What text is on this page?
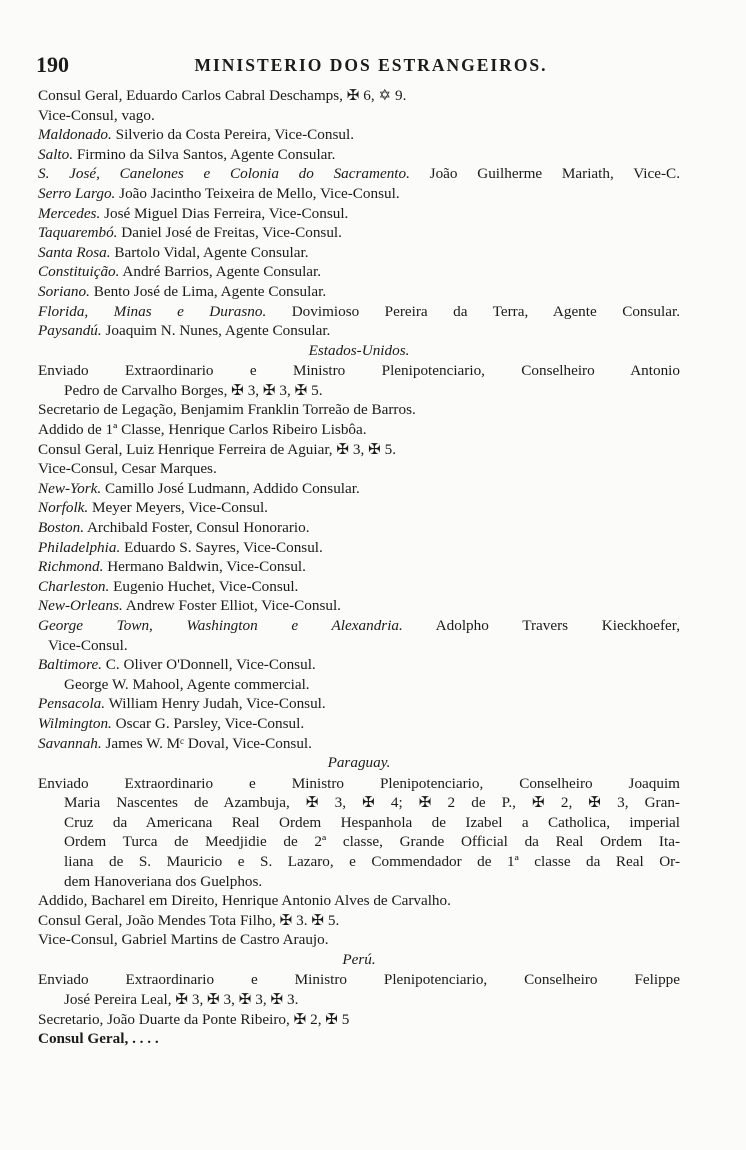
190	MINISTERIO DOS ESTRANGEIROS.
Consul Geral, Eduardo Carlos Cabral Deschamps, ✠ 6, ✡ 9.
Vice-Consul, vago.
Maldonado. Silverio da Costa Pereira, Vice-Consul.
Salto. Firmino da Silva Santos, Agente Consular.
S. José, Canelones e Colonia do Sacramento. João Guilherme Mariath, Vice-C.
Serro Largo. João Jacintho Teixeira de Mello, Vice-Consul.
Mercedes. José Miguel Dias Ferreira, Vice-Consul.
Taquarembó. Daniel José de Freitas, Vice-Consul.
Santa Rosa. Bartolo Vidal, Agente Consular.
Constituição. André Barrios, Agente Consular.
Soriano. Bento José de Lima, Agente Consular.
Florida, Minas e Durasno. Dovimioso Pereira da Terra, Agente Consular.
Paysandú. Joaquim N. Nunes, Agente Consular.
Estados-Unidos.
Enviado Extraordinario e Ministro Plenipotenciario, Conselheiro Antonio
Pedro de Carvalho Borges, ✠ 3, ✠ 3, ✠ 5.
Secretario de Legação, Benjamim Franklin Torreão de Barros.
Addido de 1ª Classe, Henrique Carlos Ribeiro Lisbôa.
Consul Geral, Luiz Henrique Ferreira de Aguiar, ✠ 3, ✠ 5.
Vice-Consul, Cesar Marques.
New-York. Camillo José Ludmann, Addido Consular.
Norfolk. Meyer Meyers, Vice-Consul.
Boston. Archibald Foster, Consul Honorario.
Philadelphia. Eduardo S. Sayres, Vice-Consul.
Richmond. Hermano Baldwin, Vice-Consul.
Charleston. Eugenio Huchet, Vice-Consul.
New-Orleans. Andrew Foster Elliot, Vice-Consul.
George Town, Washington e Alexandria. Adolpho Travers Kieckhoefer,
Vice-Consul.
Baltimore. C. Oliver O'Donnell, Vice-Consul.
George W. Mahool, Agente commercial.
Pensacola. William Henry Judah, Vice-Consul.
Wilmington. Oscar G. Parsley, Vice-Consul.
Savannah. James W. Mᶜ Doval, Vice-Consul.
Paraguay.
Enviado Extraordinario e Ministro Plenipotenciario, Conselheiro Joaquim
Maria Nascentes de Azambuja, ✠ 3, ✠ 4; ✠ 2 de P., ✠ 2, ✠ 3, Gran-
Cruz da Americana Real Ordem Hespanhola de Izabel a Catholica, imperial
Ordem Turca de Meedjidie de 2ª classe, Grande Official da Real Ordem Ita-
liana de S. Mauricio e S. Lazaro, e Commendador de 1ª classe da Real Or-
dem Hanoveriana dos Guelphos.
Addido, Bacharel em Direito, Henrique Antonio Alves de Carvalho.
Consul Geral, João Mendes Tota Filho, ✠ 3. ✠ 5.
Vice-Consul, Gabriel Martins de Castro Araujo.
Perú.
Enviado Extraordinario e Ministro Plenipotenciario, Conselheiro Felippe
José Pereira Leal, ✠ 3, ✠ 3, ✠ 3, ✠ 3.
Secretario, João Duarte da Ponte Ribeiro, ✠ 2, ✠ 5
Consul Geral, . . . .
